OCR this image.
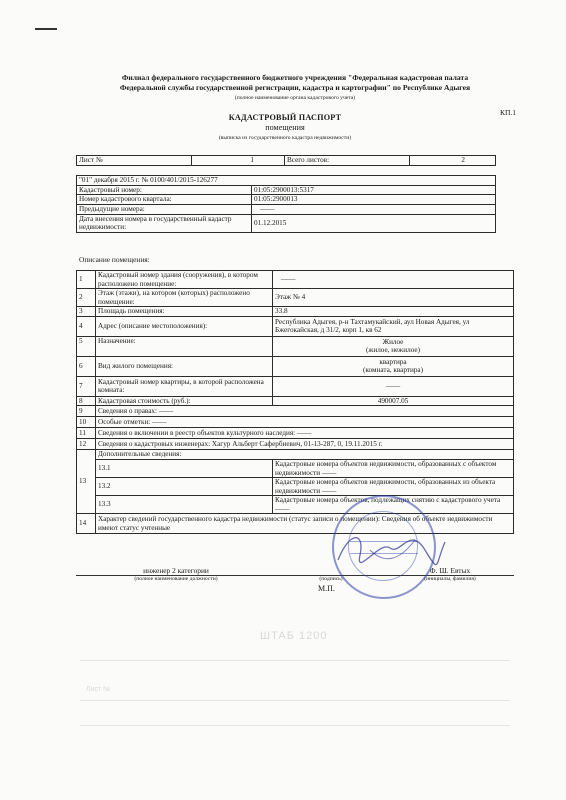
ШТАБ 1200
Лист №
Филиал федерального государственного бюджетного учреждения "Федеральная кадастровая палата
Федеральной службы государственной регистрации, кадастра и картографии" по Республике Адыгея
(полное наименование органа кадастрового учета)
КП.1
КАДАСТРОВЫЙ ПАСПОРТ
помещения
(выписка из государственного кадастра недвижимости)
Лист №	1	Всего листов:	2
"01" декабря 2015 г. № 0100/401/2015-126277	
Кадастровый номер:	01:05:2900013:5317
Номер кадастрового квартала:	01:05:2900013
Предыдущие номера:	——
Дата внесения номера в государственный кадастр недвижимости:	01.12.2015
Описание помещения:
1	Кадастровый номер здания (сооружения), в котором расположено помещение:	——
2	Этаж (этажи), на котором (которых) расположено помещение:	Этаж № 4
3	Площадь помещения:	33.8
4	Адрес (описание местоположения):	Республика Адыгея, р-н Тахтамукайский, аул Новая Адыгея, ул Бжегокайская, д 31/2, корп 1, кв 62
5	Назначение:	Жилое
(жилое, нежилое)

6	Вид жилого помещения:	квартира
(комната, квартира)

7	Кадастровый номер квартиры, в которой расположена комната:	——
8	Кадастровая стоимость (руб.):	490007.05
9	Сведения о правах: ——	
10	Особые отметки: ——	
11	Сведения о включении в реестр объектов культурного наследия: ——	
12	Сведения о кадастровых инженерах: Хагур Альберт Сафербиевич, 01-13-287, 0, 19.11.2015 г.	
13	Дополнительные сведения:	
	13.1	Кадастровые номера объектов недвижимости, образованных с объектом недвижимости ——
	13.2	Кадастровые номера объектов недвижимости, образованных из объекта недвижимости ——
	13.3	Кадастровые номера объектов, подлежащих снятию с кадастрового учета ——
14	Характер сведений государственного кадастра недвижимости (статус записи о помещении): Сведения об объекте недвижимости имеют статус учтенные	
инженер 2 категории	Ф. Ш. Евтых
(полное наименование должности)	(подпись)	(инициалы, фамилия)
М.П.
